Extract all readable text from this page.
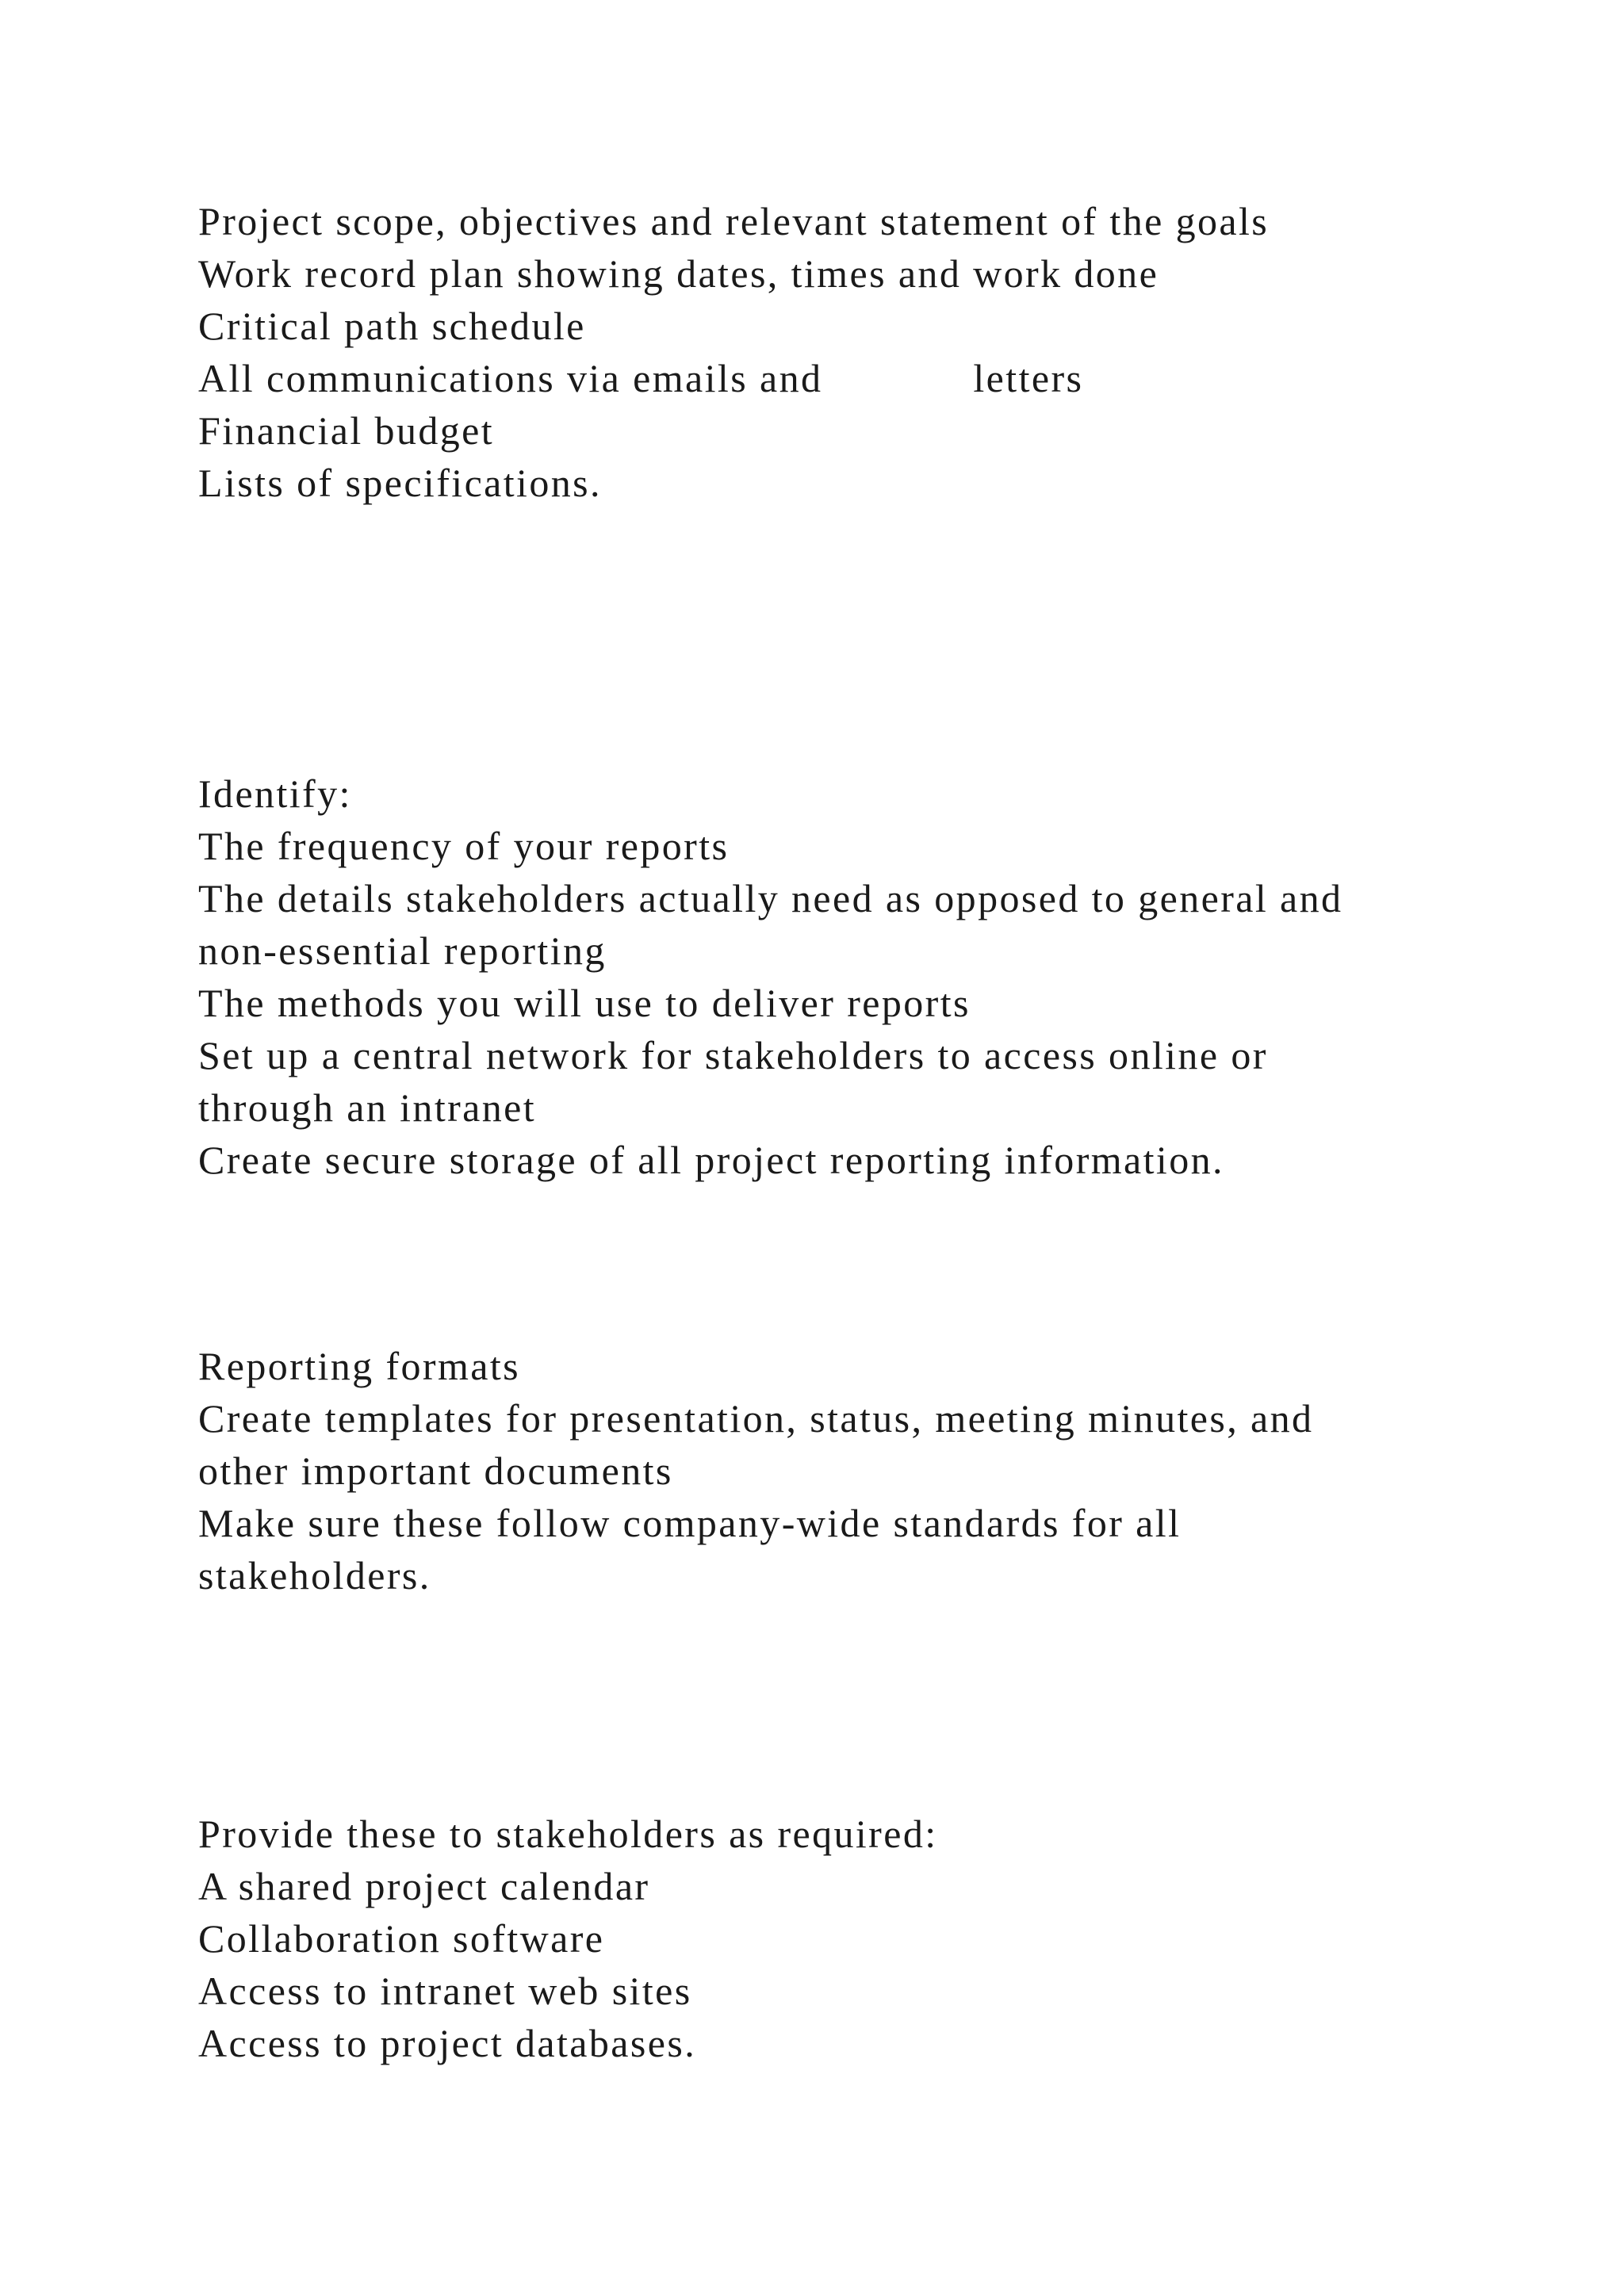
Project scope, objectives and relevant statement of the goals
Work record plan showing dates, times and work done
Critical path schedule
All communications via emails and	letters
Financial budget
Lists of specifications.
Identify:
The frequency of your reports
The details stakeholders actually need as opposed to general and
non-essential reporting
The methods you will use to deliver reports
Set up a central network for stakeholders to access online or
through an intranet
Create secure storage of all project reporting information.
Reporting formats
Create templates for presentation, status, meeting minutes, and
other important documents
Make sure these follow company-wide standards for all
stakeholders.
Provide these to stakeholders as required:
A shared project calendar
Collaboration software
Access to intranet web sites
Access to project databases.
